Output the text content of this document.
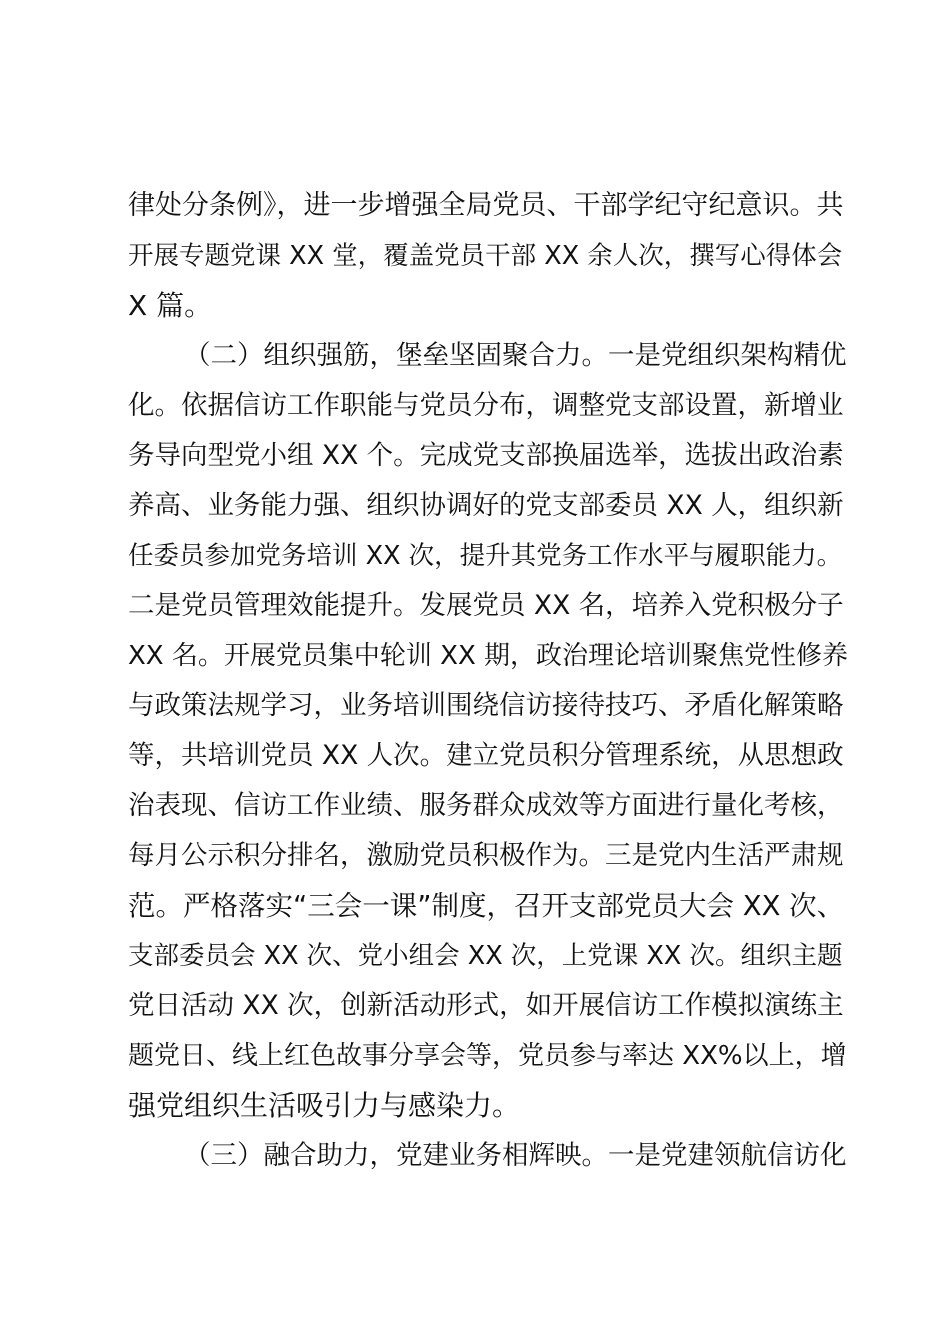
律处分条例》，进一步增强全局党员、干部学纪守纪意识。共
开展专题党课 XX 堂，覆盖党员干部 XX 余人次，撰写心得体会
X 篇。
（二）组织强筋，堡垒坚固聚合力。一是党组织架构精优
化。依据信访工作职能与党员分布，调整党支部设置，新增业
务导向型党小组 XX 个。完成党支部换届选举，选拔出政治素
养高、业务能力强、组织协调好的党支部委员 XX 人，组织新
任委员参加党务培训 XX 次，提升其党务工作水平与履职能力。
二是党员管理效能提升。发展党员 XX 名，培养入党积极分子
XX 名。开展党员集中轮训 XX 期，政治理论培训聚焦党性修养
与政策法规学习，业务培训围绕信访接待技巧、矛盾化解策略
等，共培训党员 XX 人次。建立党员积分管理系统，从思想政
治表现、信访工作业绩、服务群众成效等方面进行量化考核，
每月公示积分排名，激励党员积极作为。三是党内生活严肃规
范。严格落实“三会一课”制度，召开支部党员大会 XX 次、
支部委员会 XX 次、党小组会 XX 次，上党课 XX 次。组织主题
党日活动 XX 次，创新活动形式，如开展信访工作模拟演练主
题党日、线上红色故事分享会等，党员参与率达 XX%以上，增
强党组织生活吸引力与感染力。
（三）融合助力，党建业务相辉映。一是党建领航信访化
